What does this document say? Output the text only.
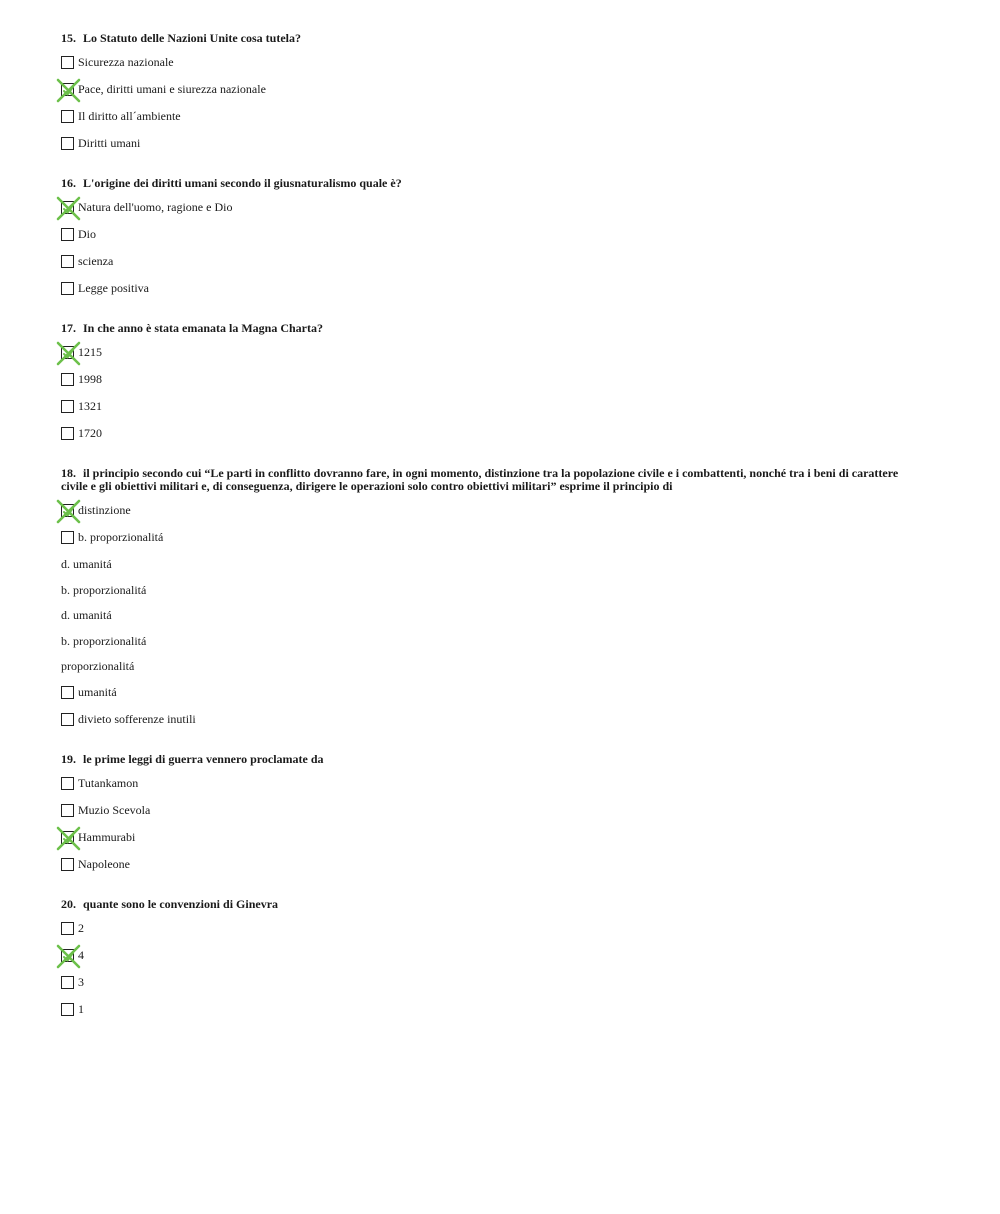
15. Lo Statuto delle Nazioni Unite cosa tutela?
Sicurezza nazionale
Pace, diritti umani e siurezza nazionale
Il diritto all´ambiente
Diritti umani
16. L'origine dei diritti umani secondo il giusnaturalismo quale è?
Natura dell'uomo, ragione e Dio
Dio
scienza
Legge positiva
17. In che anno è stata emanata la Magna Charta?
1215
1998
1321
1720
18. il principio secondo cui “Le parti in conflitto dovranno fare, in ogni momento, distinzione tra la popolazione civile e i combattenti, nonché tra i beni di carattere civile e gli obiettivi militari e, di conseguenza, dirigere le operazioni solo contro obiettivi militari” esprime il principio di
distinzione
b. proporzionalitá
d. umanitá
b. proporzionalitá
d. umanitá
b. proporzionalitá
proporzionalitá
umanitá
divieto sofferenze inutili
19. le prime leggi di guerra vennero proclamate da
Tutankamon
Muzio Scevola
Hammurabi
Napoleone
20. quante sono le convenzioni di Ginevra
2
4
3
1
